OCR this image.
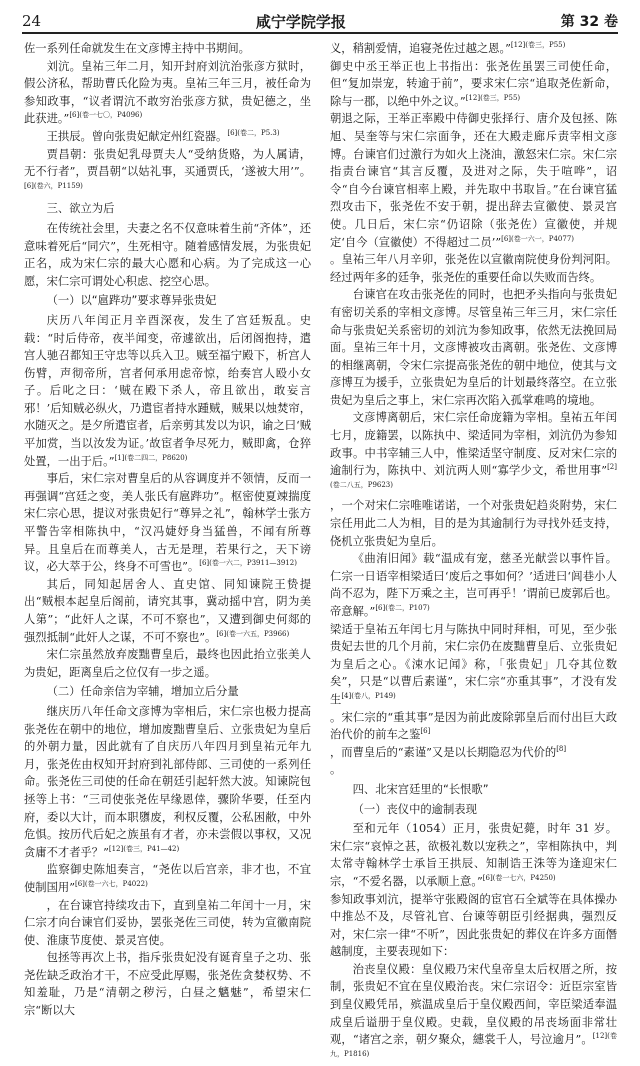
24	咸宁学院学报	第 32 卷

佐一系列任命就发生在文彦博主持中书期间。

刘沆。皇祐三年二月，知开封府刘沆治张彦方狱时，假公济私，帮助曹氏化险为夷。皇祐三年三月，被任命为参知政事，“议者谓沆不敢穷治张彦方狱，贵妃德之，坐此获进。”$^{[6](卷一七〇,P4096)}$

王拱辰。曾向张贵妃献定州红瓷器。$^{[6](卷二,P5.3)}$

贾昌朝：张贵妃乳母贾夫人“受纳货赂，为人属请，无不行者”，贾昌朝“以姑礼事，买通贾氏，‘遂被大用’”。$^{[6](卷六,P1159)}$

三、欲立为后

在传统社会里，夫妻之名不仅意味着生前“齐体”，还意味着死后“同穴”，生死相守。随着感情发展，为张贵妃正名，成为宋仁宗的最大心愿和心病。为了完成这一心愿，宋仁宗可谓处心积虑、挖空心思。

（一）以“扈跸功”要求尊异张贵妃

庆历八年闰正月辛酉深夜，发生了宫廷叛乱。史载：“时后侍帝，夜半闻变，帝遽欲出，后闭阁抱持，遣宫人驰召都知王守忠等以兵入卫。贼至福宁殿下，析宫人伤臂，声彻帝所，宫者何承用虑帝惊，绐奏宫人殴小女子。后叱之曰：‘贼在殿下杀人，帝且欲出，敢妄言邪！’后知贼必纵火，乃遣宦者持水踵贼，贼果以烛焚帘，水随灭之。是夕所遣宦者，后亲剪其发以为识，谕之曰‘贼平加赏，当以汝发为证。’故宦者争尽死力，贼即禽，仓猝处置，一出于后。”$^{[1](卷二四二,P8620)}$

事后，宋仁宗对曹皇后的从容调度并不领情，反而一再强调“宫廷之变，美人张氏有扈跸功”。枢密使夏竦揣度宋仁宗心思，提议对张贵妃行“尊异之礼”，翰林学士张方平警告宰相陈执中，“汉冯婕妤身当猛兽，不闻有所尊异。且皇后在而尊美人，古无是理，若果行之，天下谤议，必大萃于公，终身不可雪也”。$^{[6](卷一六二,P3911—3912)}$

其后，同知起居舍人、直史馆、同知谏院王贽提出“贼根本起皇后阁前，请究其事，冀动摇中宫，阴为美人第”；“此奸人之谋，不可不察也”，又遭到御史何郯的强烈抵制“此奸人之谋，不可不察也”。$^{[6](卷一六五,P3966)}$

宋仁宗虽然放弃废黜曹皇后，最终也因此抬立张美人为贵妃，距离皇后之位仅有一步之遥。

（二）任命亲信为宰辅，增加立后分量

继庆历八年任命文彦博为宰相后，宋仁宗也极力提高张尧佐在朝中的地位，增加废黜曹皇后、立张贵妃为皇后的外朝力量，因此就有了自庆历八年四月到皇祐元年九月，张尧佐由权知开封府到礼部侍郎、三司使的一系列任命。张尧佐三司使的任命在朝廷引起轩然大波。知谏院包拯等上书：“三司使张尧佐早缘恩倖，骤阶华要，任至内府，委以大计，而本职隳废，利权反覆，公私困敝，中外危惧。按历代后妃之族虽有才者，亦未尝假以事权，又况贪庸不才者乎？”$^{[12](卷三,P41—42)}$

监察御史陈旭奏言，“尧佐以后宫亲，非才也，不宜使制国用”$^{[6](卷一六七,P4022)}$

，在台谏官持续攻击下，直到皇祐二年闰十一月，宋仁宗才向台谏官们妥协，罢张尧佐三司使，转为宣徽南院使、淮康节度使、景灵宫使。

包拯等再次上书，指斥张贵妃没有诞育皇子之功、张尧佐缺乏政治才干，不应受此厚赐，张尧佐贪婪权势、不知羞耻，乃是“清朝之秽污，白昼之魑魅”，希望宋仁宗“断以大

义，稍割爱情，追寝尧佐过越之恩。”$^{[12](卷三,P55)}$

御史中丞王举正也上书指出：张尧佐虽罢三司使任命，但“复加崇宠，转逾于前”，要求宋仁宗“追取尧佐新命，除与一郡，以绝中外之议。”$^{[12](卷三,P55)}$

朝退之际，王举正率殿中侍御史张择行、唐介及包拯、陈旭、吴奎等与宋仁宗面争，还在大殿走廊斥责宰相文彦博。台谏官们过激行为如火上浇油，激怒宋仁宗。宋仁宗指责台谏官“其言反覆，及进对之际，失于喧哗”，诏令“自今台谏官相率上殿，并先取中书取旨。”在台谏官猛烈攻击下，张尧佐不安于朝，提出辞去宣徽使、景灵宫使。几日后，宋仁宗“仍诏除（张尧佐）宣徽使，并规定‘自今（宣徽使）不得超过二员’”$^{[6](卷一六一,P4077)}$

。皇祐三年八月辛卯，张尧佐以宣徽南院使身份判河阳。经过两年多的廷争，张尧佐的重要任命以失败而告终。

台谏官在攻击张尧佐的同时，也把矛头指向与张贵妃有密切关系的宰相文彦博。尽管皇祐三年三月，宋仁宗任命与张贵妃关系密切的刘沆为参知政事，依然无法挽回局面。皇祐三年十月，文彦博被攻击离朝。张尧佐、文彦博的相继离朝，令宋仁宗提高张尧佐的朝中地位，使其与文彦博互为援手，立张贵妃为皇后的计划最终落空。在立张贵妃为皇后之事上，宋仁宗再次陷入孤掌难鸣的境地。

文彦博离朝后，宋仁宗任命庞籍为宰相。皇祐五年闰七月，庞籍罢，以陈执中、梁适同为宰相，刘沆仍为参知政事。中书宰辅三人中，惟梁适坚守制度、反对宋仁宗的逾制行为，陈执中、刘沆两人则“寡学少文，希世用事”$^{[2](卷二八五,P9623)}$

，一个对宋仁宗唯唯诺诺，一个对张贵妃趋炎附势，宋仁宗任用此二人为相，目的是为其逾制行为寻找外廷支持，侥机立张贵妃为皇后。

《曲洧旧闻》载“温成有宠，慈圣光献尝以事忤旨。仁宗一日语宰相梁适曰‘废后之事如何？’适进曰‘闾巷小人尚不忍为，陛下万乘之主，岂可再乎！’谓前已废郭后也。帝意解。”$^{[6](卷二,P107)}$

梁适于皇祐五年闰七月与陈执中同时拜相，可见，至少张贵妃去世的几个月前，宋仁宗仍在废黜曹皇后、立张贵妃为皇后之心。《涑水记闻》称，「张贵妃」几夺其位数矣”，只是“以曹后素谨”，宋仁宗“亦重其事”，才没有发生$^{[4](卷八,P149)}$

。宋仁宗的“重其事”是因为前此废除郭皇后而付出巨大政治代价的前车之鉴[6]

，而曹皇后的“素谨”又是以长期隐忍为代价的[8]

。

四、北宋宫廷里的“长恨歌”

（一）丧仪中的逾制表现

至和元年（1054）正月，张贵妃薨，时年 31 岁。宋仁宗“哀悼之甚，欲极礼数以宠秩之”，宰相陈执中，判太常寺翰林学士承旨王拱辰、知制诰王洙等为逢迎宋仁宗，“不爱名器，以承顺上意。”$^{[6](卷一七六,P4250)}$

参知政事刘沆，提举守张殿阁的宦官石全斌等在具体操办中推怂不及，尽管礼官、台谏等朝臣引经据典，强烈反对，宋仁宗一律“不听”，因此张贵妃的葬仪在许多方面僭越制度，主要表现如下：

治丧皇仪殿：皇仪殿乃宋代皇帝皇太后权厝之所，按制，张贵妃不宜在皇仪殿治丧。宋仁宗诏令：近臣宗室皆到皇仪殿凭吊，殡温成皇后于皇仪殿西间，宰臣梁适奉温成皇后谥册于皇仪殿。史载，皇仪殿的吊丧场面非常壮观，“诸宫之亲，朝夕聚众，繐裳千人，号泣逾月”。$^{[12](卷九,P1816)}$
